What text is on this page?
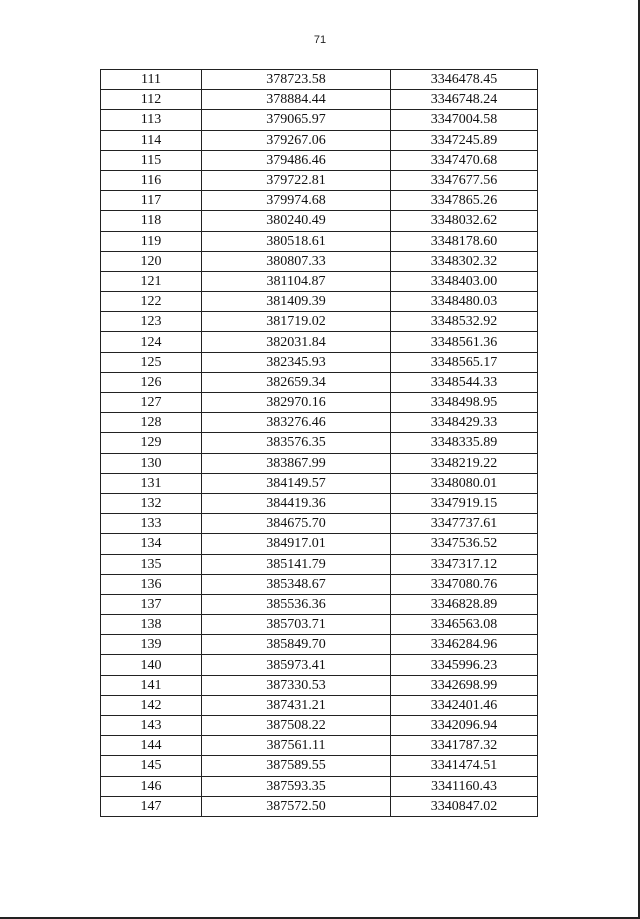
71
111	378723.58	3346478.45
112	378884.44	3346748.24
113	379065.97	3347004.58
114	379267.06	3347245.89
115	379486.46	3347470.68
116	379722.81	3347677.56
117	379974.68	3347865.26
118	380240.49	3348032.62
119	380518.61	3348178.60
120	380807.33	3348302.32
121	381104.87	3348403.00
122	381409.39	3348480.03
123	381719.02	3348532.92
124	382031.84	3348561.36
125	382345.93	3348565.17
126	382659.34	3348544.33
127	382970.16	3348498.95
128	383276.46	3348429.33
129	383576.35	3348335.89
130	383867.99	3348219.22
131	384149.57	3348080.01
132	384419.36	3347919.15
133	384675.70	3347737.61
134	384917.01	3347536.52
135	385141.79	3347317.12
136	385348.67	3347080.76
137	385536.36	3346828.89
138	385703.71	3346563.08
139	385849.70	3346284.96
140	385973.41	3345996.23
141	387330.53	3342698.99
142	387431.21	3342401.46
143	387508.22	3342096.94
144	387561.11	3341787.32
145	387589.55	3341474.51
146	387593.35	3341160.43
147	387572.50	3340847.02
